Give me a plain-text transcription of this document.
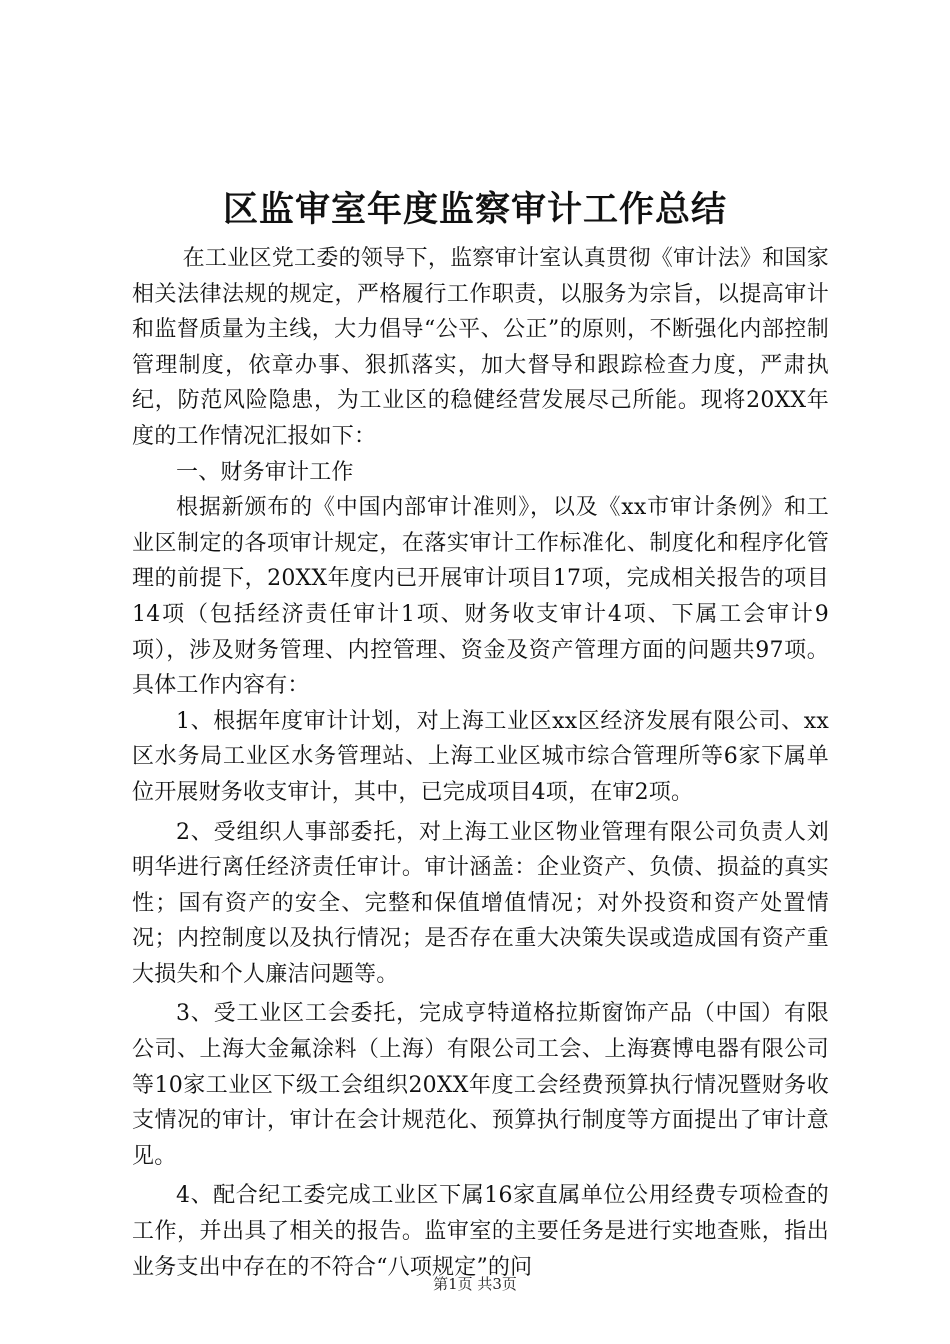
区监审室年度监察审计工作总结

在工业区党工委的领导下，监察审计室认真贯彻《审计法》和国家相关法律法规的规定，严格履行工作职责，以服务为宗旨，以提高审计和监督质量为主线，大力倡导“公平、公正”的原则，不断强化内部控制管理制度，依章办事、狠抓落实，加大督导和跟踪检查力度，严肃执纪，防范风险隐患，为工业区的稳健经营发展尽己所能。现将20XX年度的工作情况汇报如下：

一、财务审计工作

根据新颁布的《中国内部审计准则》，以及《xx市审计条例》和工业区制定的各项审计规定，在落实审计工作标准化、制度化和程序化管理的前提下，20XX年度内已开展审计项目17项，完成相关报告的项目14项（包括经济责任审计1项、财务收支审计4项、下属工会审计9项），涉及财务管理、内控管理、资金及资产管理方面的问题共97项。具体工作内容有：

1、根据年度审计计划，对上海工业区xx区经济发展有限公司、xx区水务局工业区水务管理站、上海工业区城市综合管理所等6家下属单位开展财务收支审计，其中，已完成项目4项，在审2项。

2、受组织人事部委托，对上海工业区物业管理有限公司负责人刘明华进行离任经济责任审计。审计涵盖：企业资产、负债、损益的真实性；国有资产的安全、完整和保值增值情况；对外投资和资产处置情况；内控制度以及执行情况；是否存在重大决策失误或造成国有资产重大损失和个人廉洁问题等。

3、受工业区工会委托，完成亨特道格拉斯窗饰产品（中国）有限公司、上海大金氟涂料（上海）有限公司工会、上海赛博电器有限公司等10家工业区下级工会组织20XX年度工会经费预算执行情况暨财务收支情况的审计，审计在会计规范化、预算执行制度等方面提出了审计意见。

4、配合纪工委完成工业区下属16家直属单位公用经费专项检查的工作，并出具了相关的报告。监审室的主要任务是进行实地查账，指出业务支出中存在的不符合“八项规定”的问

第1页 共3页
